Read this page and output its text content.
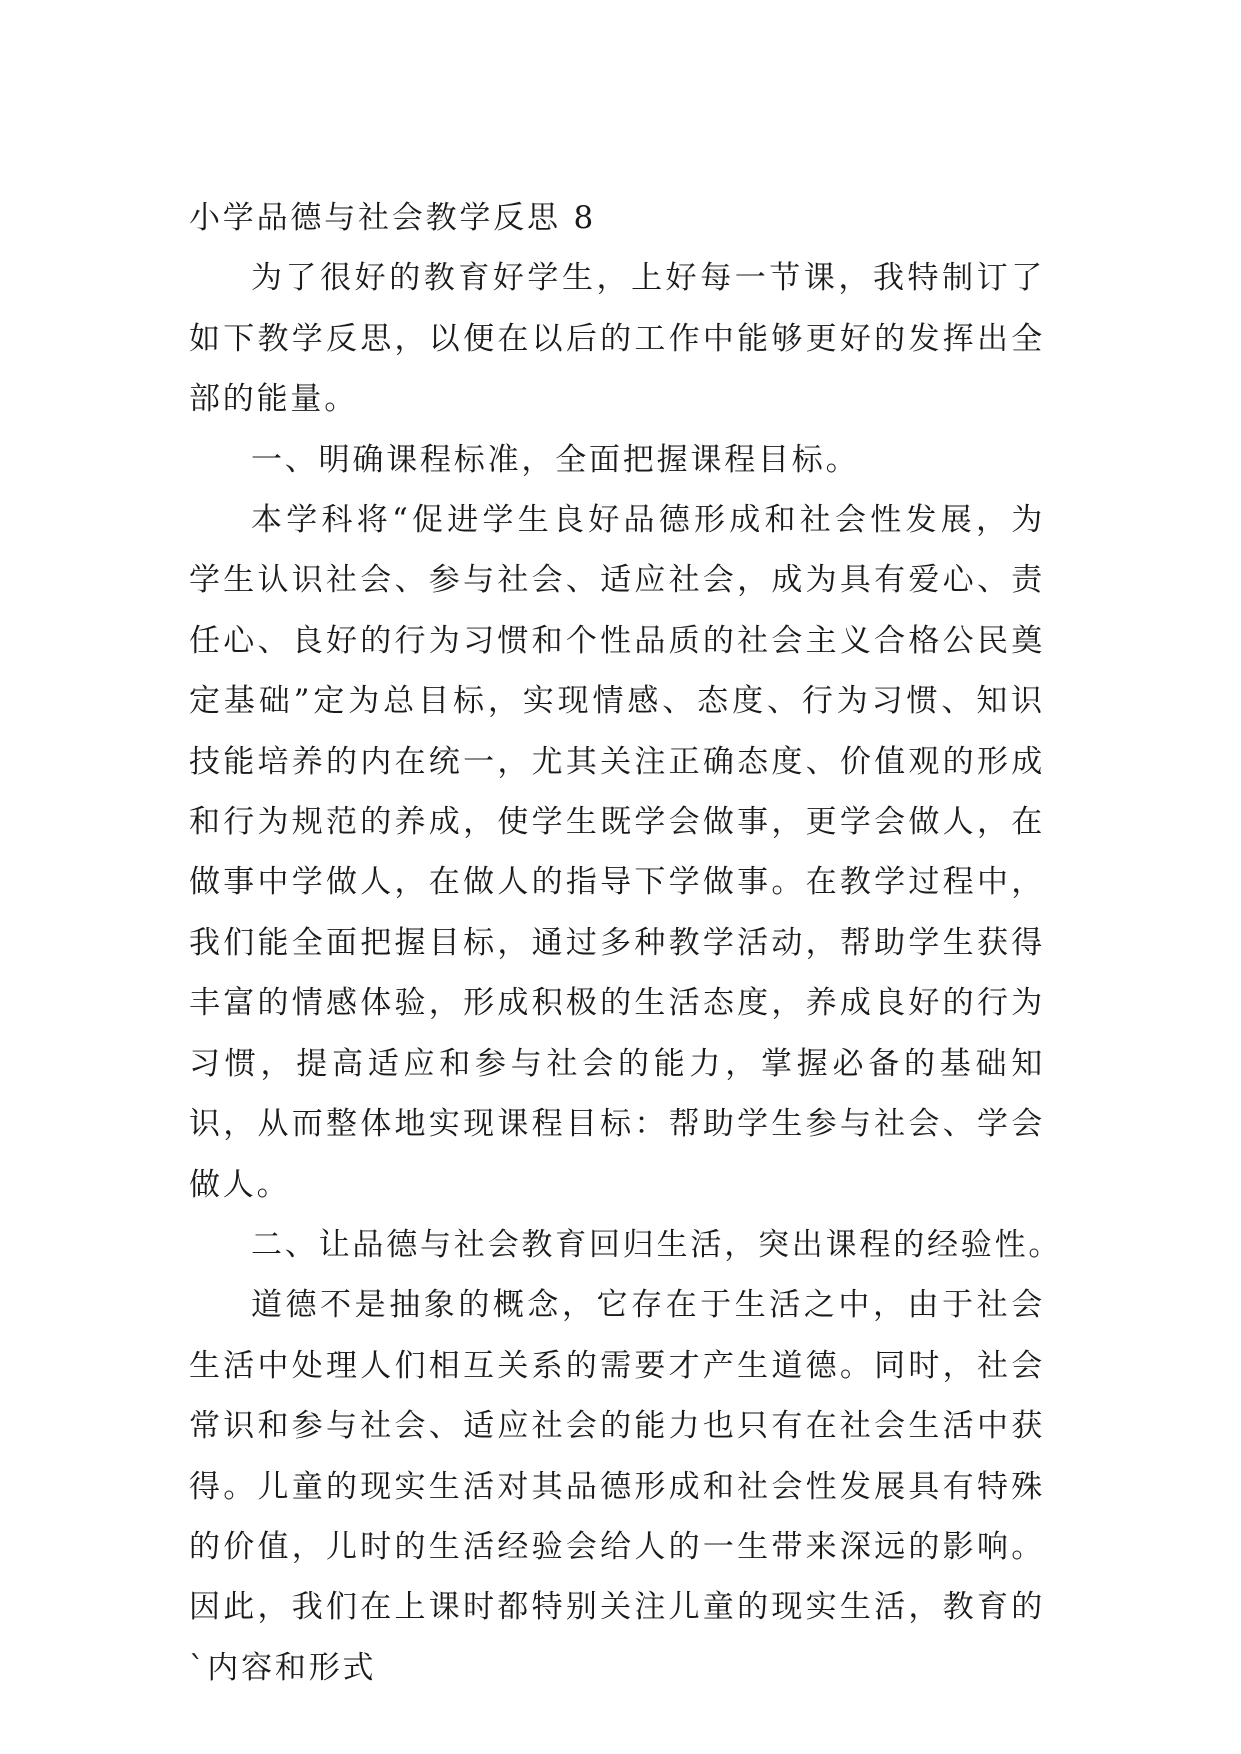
小学品德与社会教学反思 8

为了很好的教育好学生，上好每一节课，我特制订了如下教学反思，以便在以后的工作中能够更好的发挥出全部的能量。

一、明确课程标准，全面把握课程目标。

本学科将“促进学生良好品德形成和社会性发展，为学生认识社会、参与社会、适应社会，成为具有爱心、责任心、良好的行为习惯和个性品质的社会主义合格公民奠定基础”定为总目标，实现情感、态度、行为习惯、知识技能培养的内在统一，尤其关注正确态度、价值观的形成和行为规范的养成，使学生既学会做事，更学会做人，在做事中学做人，在做人的指导下学做事。在教学过程中，我们能全面把握目标，通过多种教学活动，帮助学生获得丰富的情感体验，形成积极的生活态度，养成良好的行为习惯，提高适应和参与社会的能力，掌握必备的基础知识，从而整体地实现课程目标：帮助学生参与社会、学会做人。

二、让品德与社会教育回归生活，突出课程的经验性。

道德不是抽象的概念，它存在于生活之中，由于社会生活中处理人们相互关系的需要才产生道德。同时，社会常识和参与社会、适应社会的能力也只有在社会生活中获得。儿童的现实生活对其品德形成和社会性发展具有特殊的价值，儿时的生活经验会给人的一生带来深远的影响。因此，我们在上课时都特别关注儿童的现实生活，教育的`内容和形式
